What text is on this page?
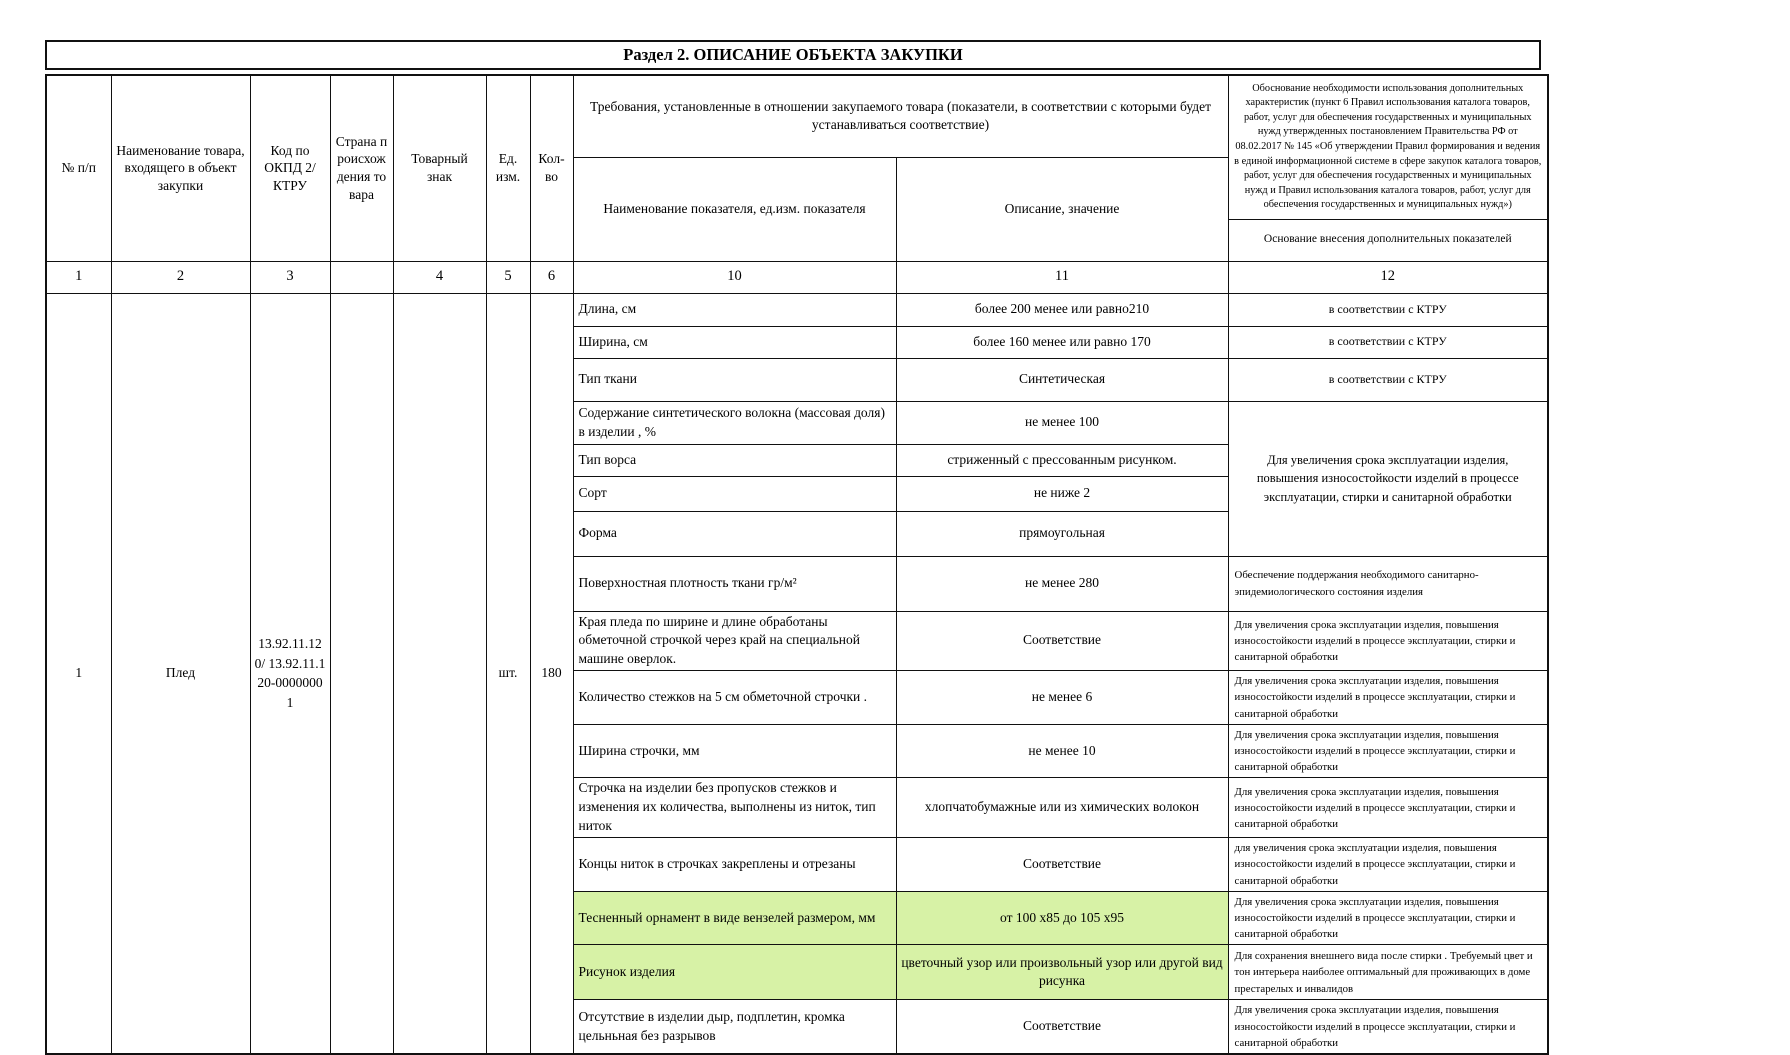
Раздел 2. ОПИСАНИЕ ОБЪЕКТА ЗАКУПКИ
№ п/п	Наименование товара, входящего в объект закупки	Код по ОКПД 2/ КТРУ	Страна происхождения товара	Товарный знак	Ед. изм.	Кол-во	Требования, установленные в отношении закупаемого товара (показатели, в соответствии с которыми будет устанавливаться соответствие)		Обоснование необходимости использования дополнительных характеристик (пункт 6 Правил использования каталога товаров, работ, услуг для обеспечения государственных и муниципальных нужд утвержденных постановлением Правительства РФ от 08.02.2017 № 145 «Об утверждении Правил формирования и ведения в единой информационной системе в сфере закупок каталога товаров, работ, услуг для обеспечения государственных и муниципальных нужд и Правил использования каталога товаров, работ, услуг для обеспечения государственных и муниципальных нужд»)
							Наименование показателя, ед.изм. показателя	Описание, значение	
									Основание внесения дополнительных показателей
1	2	3		4	5	6	10	11	12
1	Плед	13.92.11.120/ 13.92.11.120-00000001			шт.	180	Длина, см	более 200 менее или равно210	в соответствии с КТРУ
							Ширина, см	более 160 менее или равно 170	в соответствии с КТРУ
							Тип ткани	Синтетическая	в соответствии с КТРУ
							Содержание синтетического волокна (массовая доля) в изделии , %	не менее 100	Для увеличения срока эксплуатации изделия, повышения износостойкости изделий в процессе эксплуатации, стирки и санитарной обработки
							Тип ворса	стриженный с прессованным рисунком.	
							Сорт	не ниже 2	
							Форма	прямоугольная	
							Поверхностная плотность ткани гр/м²	не менее 280	Обеспечение поддержания необходимого санитарно-эпидемиологического состояния изделия
							Края пледа по ширине и длине обработаны обметочной строчкой через край на специальной машине оверлок.	Соответствие	Для увеличения срока эксплуатации изделия, повышения износостойкости изделий в процессе эксплуатации, стирки и санитарной обработки
							Количество стежков на 5 см обметочной строчки .	не менее 6	Для увеличения срока эксплуатации изделия, повышения износостойкости изделий в процессе эксплуатации, стирки и санитарной обработки
							Ширина строчки, мм	не менее 10	Для увеличения срока эксплуатации изделия, повышения износостойкости изделий в процессе эксплуатации, стирки и санитарной обработки
							Строчка на изделии без пропусков стежков и изменения их количества, выполнены из ниток, тип ниток	хлопчатобумажные или из химических волокон	Для увеличения срока эксплуатации изделия, повышения износостойкости изделий в процессе эксплуатации, стирки и санитарной обработки
							Концы ниток в строчках закреплены и отрезаны	Соответствие	для увеличения срока эксплуатации изделия, повышения износостойкости изделий в процессе эксплуатации, стирки и санитарной обработки
							Тесненный орнамент в виде вензелей размером, мм	от 100 х85 до 105 х95	Для увеличения срока эксплуатации изделия, повышения износостойкости изделий в процессе эксплуатации, стирки и санитарной обработки
							Рисунок изделия	цветочный узор или произвольный узор или другой вид рисунка	Для сохранения внешнего вида после стирки . Требуемый цвет и тон интерьера наиболее оптимальный для проживающих в доме престарелых и инвалидов
							Отсутствие в изделии дыр, подплетин, кромка цельньная без разрывов	Соответствие	Для увеличения срока эксплуатации изделия, повышения износостойкости изделий в процессе эксплуатации, стирки и санитарной обработки
